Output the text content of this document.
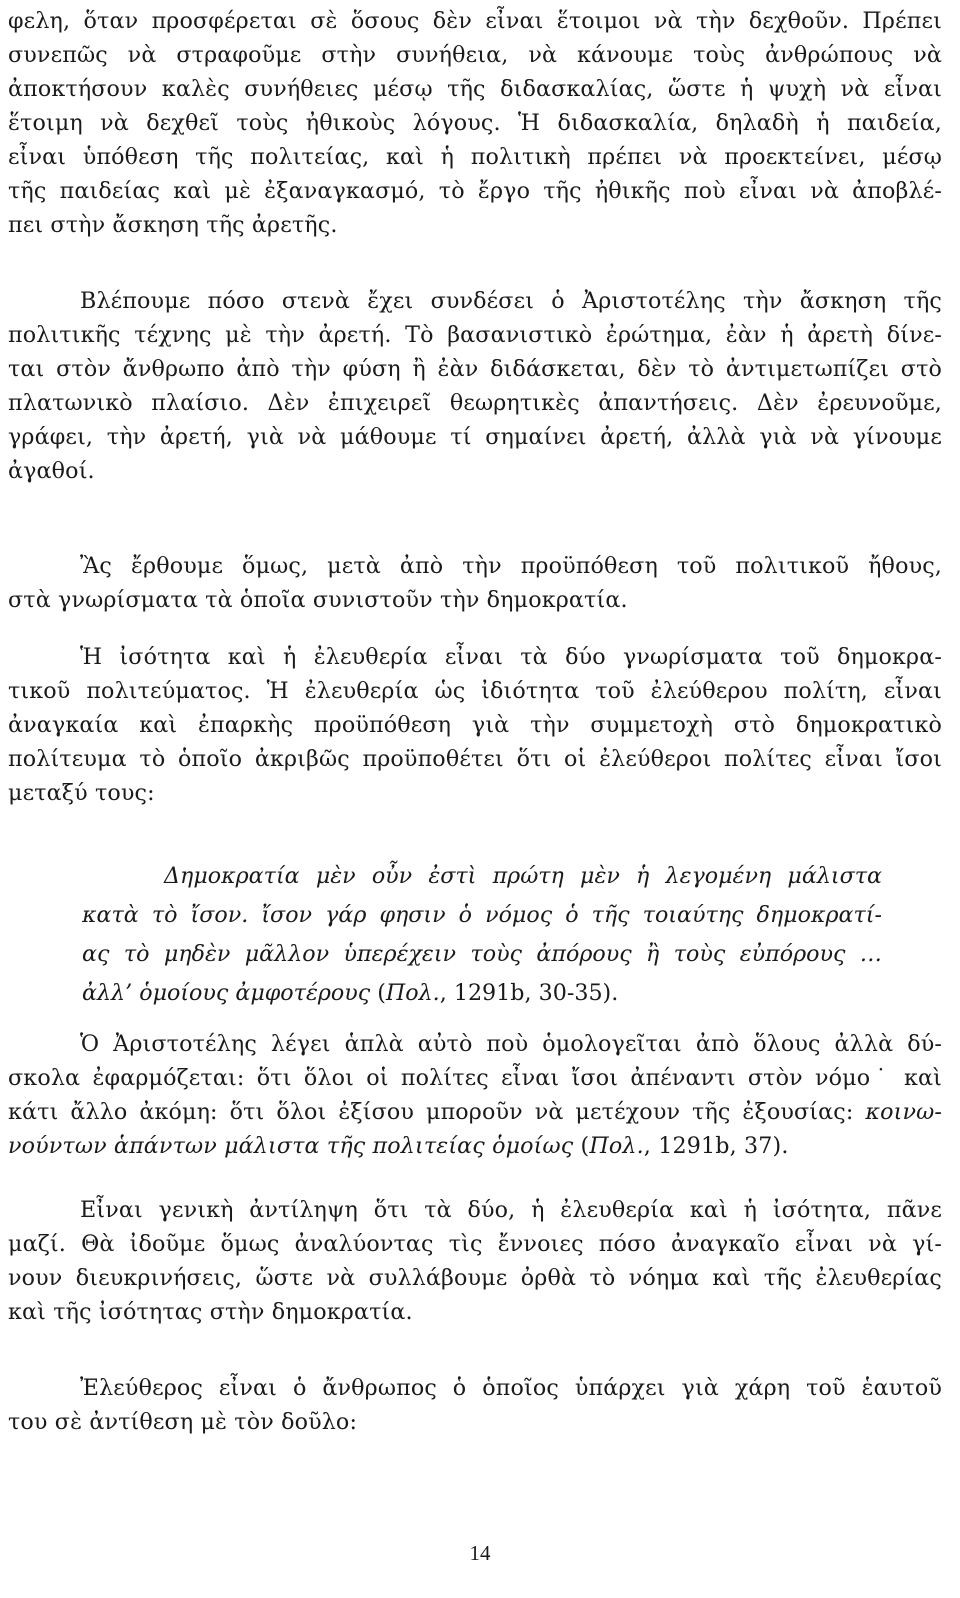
φελη, ὅταν προσφέρεται σὲ ὅσους δὲν εἶναι ἕτοιμοι νὰ τὴν δεχθοῦν. Πρέπει
συνεπῶς νὰ στραφοῦμε στὴν συνήθεια, νὰ κάνουμε τοὺς ἀνθρώπους νὰ
ἀποκτήσουν καλὲς συνήθειες μέσῳ τῆς διδασκαλίας, ὥστε ἡ ψυχὴ νὰ εἶναι
ἕτοιμη νὰ δεχθεῖ τοὺς ἠθικοὺς λόγους. Ἡ διδασκαλία, δηλαδὴ ἡ παιδεία,
εἶναι ὑπόθεση τῆς πολιτείας, καὶ ἡ πολιτικὴ πρέπει νὰ προεκτείνει, μέσῳ
τῆς παιδείας καὶ μὲ ἐξαναγκασμό, τὸ ἔργο τῆς ἠθικῆς ποὺ εἶναι νὰ ἀποβλέ-
πει στὴν ἄσκηση τῆς ἀρετῆς.
Βλέπουμε πόσο στενὰ ἔχει συνδέσει ὁ Ἀριστοτέλης τὴν ἄσκηση τῆς
πολιτικῆς τέχνης μὲ τὴν ἀρετή. Τὸ βασανιστικὸ ἐρώτημα, ἐὰν ἡ ἀρετὴ δίνε-
ται στὸν ἄνθρωπο ἀπὸ τὴν φύση ἢ ἐὰν διδάσκεται, δὲν τὸ ἀντιμετωπίζει στὸ
πλατωνικὸ πλαίσιο. Δὲν ἐπιχειρεῖ θεωρητικὲς ἀπαντήσεις. Δὲν ἐρευνοῦμε,
γράφει, τὴν ἀρετή, γιὰ νὰ μάθουμε τί σημαίνει ἀρετή, ἀλλὰ γιὰ νὰ γίνουμε
ἀγαθοί.
Ἂς ἔρθουμε ὅμως, μετὰ ἀπὸ τὴν προϋπόθεση τοῦ πολιτικοῦ ἤθους,
στὰ γνωρίσματα τὰ ὁποῖα συνιστοῦν τὴν δημοκρατία.
Ἡ ἰσότητα καὶ ἡ ἐλευθερία εἶναι τὰ δύο γνωρίσματα τοῦ δημοκρα-
τικοῦ πολιτεύματος. Ἡ ἐλευθερία ὡς ἰδιότητα τοῦ ἐλεύθερου πολίτη, εἶναι
ἀναγκαία καὶ ἐπαρκὴς προϋπόθεση γιὰ τὴν συμμετοχὴ στὸ δημοκρατικὸ
πολίτευμα τὸ ὁποῖο ἀκριβῶς προϋποθέτει ὅτι οἱ ἐλεύθεροι πολίτες εἶναι ἴσοι
μεταξύ τους:
Δημοκρατία μὲν οὖν ἐστὶ πρώτη μὲν ἡ λεγομένη μάλιστα
κατὰ τὸ ἴσον. ἴσον γάρ φησιν ὁ νόμος ὁ τῆς τοιαύτης δημοκρατί-
ας τὸ μηδὲν μᾶλλον ὑπερέχειν τοὺς ἀπόρους ἢ τοὺς εὐπόρους …
ἀλλ’ ὁμοίους ἀμφοτέρους (Πολ., 1291b, 30-35).
Ὁ Ἀριστοτέλης λέγει ἁπλὰ αὐτὸ ποὺ ὁμολογεῖται ἀπὸ ὅλους ἀλλὰ δύ-
σκολα ἐφαρμόζεται: ὅτι ὅλοι οἱ πολίτες εἶναι ἴσοι ἀπέναντι στὸν νόμο˙ καὶ
κάτι ἄλλο ἀκόμη: ὅτι ὅλοι ἐξίσου μποροῦν νὰ μετέχουν τῆς ἐξουσίας: κοινω-
νούντων ἁπάντων μάλιστα τῆς πολιτείας ὁμοίως (Πολ., 1291b, 37).
Εἶναι γενικὴ ἀντίληψη ὅτι τὰ δύο, ἡ ἐλευθερία καὶ ἡ ἰσότητα, πᾶνε
μαζί. Θὰ ἰδοῦμε ὅμως ἀναλύοντας τὶς ἔννοιες πόσο ἀναγκαῖο εἶναι νὰ γί-
νουν διευκρινήσεις, ὥστε νὰ συλλάβουμε ὀρθὰ τὸ νόημα καὶ τῆς ἐλευθερίας
καὶ τῆς ἰσότητας στὴν δημοκρατία.
Ἐλεύθερος εἶναι ὁ ἄνθρωπος ὁ ὁποῖος ὑπάρχει γιὰ χάρη τοῦ ἑαυτοῦ
του σὲ ἀντίθεση μὲ τὸν δοῦλο:
14
